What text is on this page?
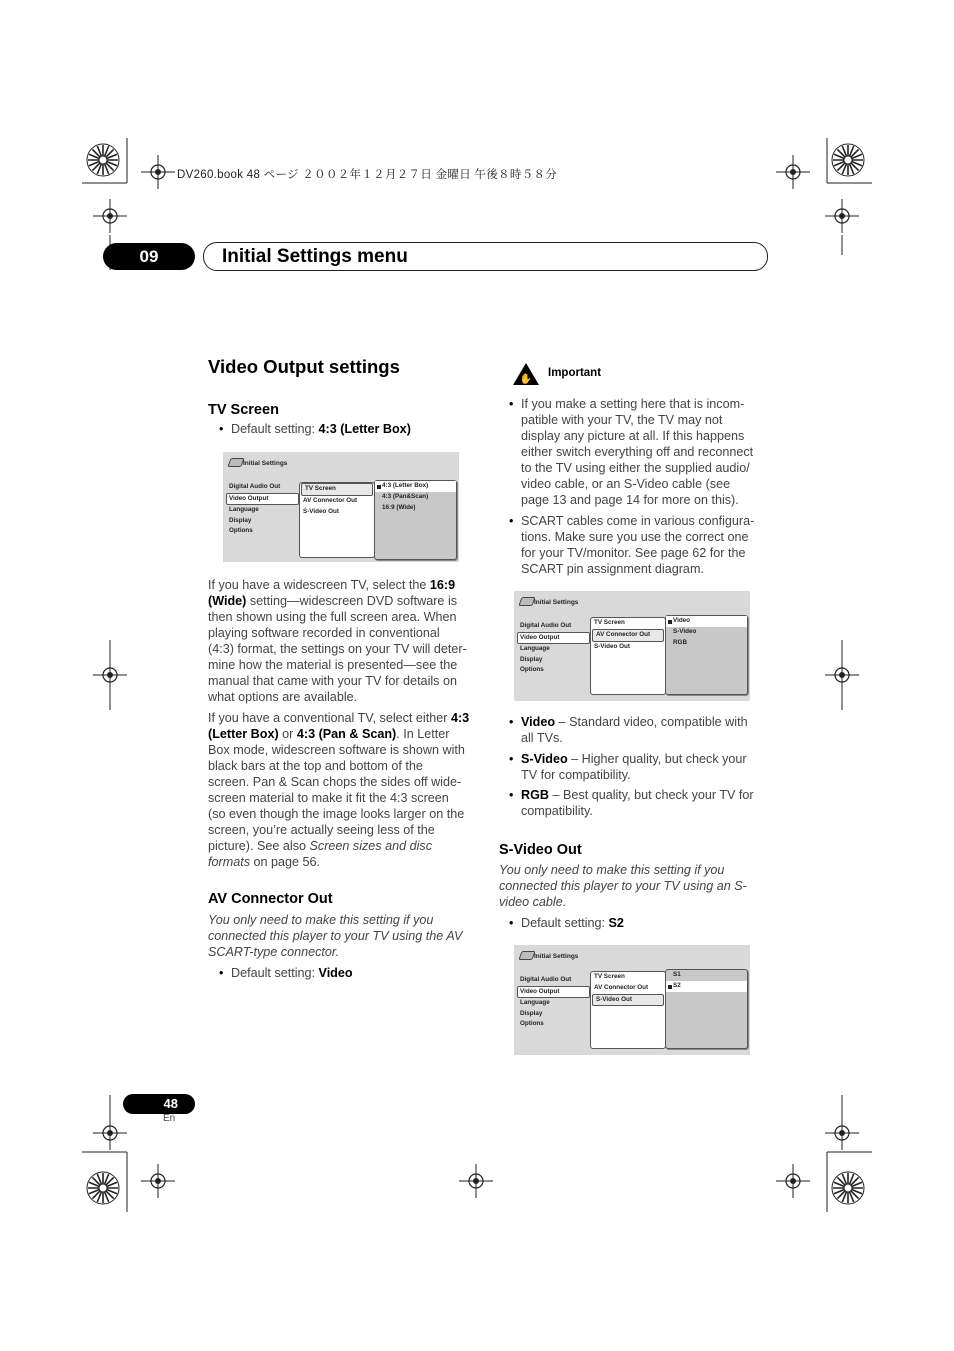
DV260.book 48 ページ ２００２年１２月２７日 金曜日 午後８時５８分
09	Initial Settings menu
Video Output settings
TV Screen
• Default setting: 4:3 (Letter Box)
Initial Settings
Digital Audio Out
Video Output
Language
Display
Options
TV Screen
AV Connector Out
S-Video Out
4:3 (Letter Box)
4:3 (Pan&Scan)
16:9 (Wide)
If you have a widescreen TV, select the 16:9
(Wide) setting—widescreen DVD software is
then shown using the full screen area. When
playing software recorded in conventional
(4:3) format, the settings on your TV will deter-
mine how the material is presented—see the
manual that came with your TV for details on
what options are available.
If you have a conventional TV, select either 4:3
(Letter Box) or 4:3 (Pan & Scan). In Letter
Box mode, widescreen software is shown with
black bars at the top and bottom of the
screen. Pan & Scan chops the sides off wide-
screen material to make it fit the 4:3 screen
(so even though the image looks larger on the
screen, you’re actually seeing less of the
picture). See also Screen sizes and disc
formats on page 56.
AV Connector Out
You only need to make this setting if you
connected this player to your TV using the AV
SCART-type connector.
• Default setting: Video
✋
Important
• If you make a setting here that is incom-
patible with your TV, the TV may not
display any picture at all. If this happens
either switch everything off and reconnect
to the TV using either the supplied audio/
video cable, or an S-Video cable (see
page 13 and page 14 for more on this).
• SCART cables come in various configura-
tions. Make sure you use the correct one
for your TV/monitor. See page 62 for the
SCART pin assignment diagram.
Initial Settings
Digital Audio Out
Video Output
Language
Display
Options
TV Screen
AV Connector Out
S-Video Out
Video
S-Video
RGB
• Video – Standard video, compatible with
all TVs.
• S-Video – Higher quality, but check your
TV for compatibility.
• RGB – Best quality, but check your TV for
compatibility.
S-Video Out
You only need to make this setting if you
connected this player to your TV using an S-
video cable.
• Default setting: S2
Initial Settings
Digital Audio Out
Video Output
Language
Display
Options
TV Screen
AV Connector Out
S-Video Out
S1
S2
48
En
